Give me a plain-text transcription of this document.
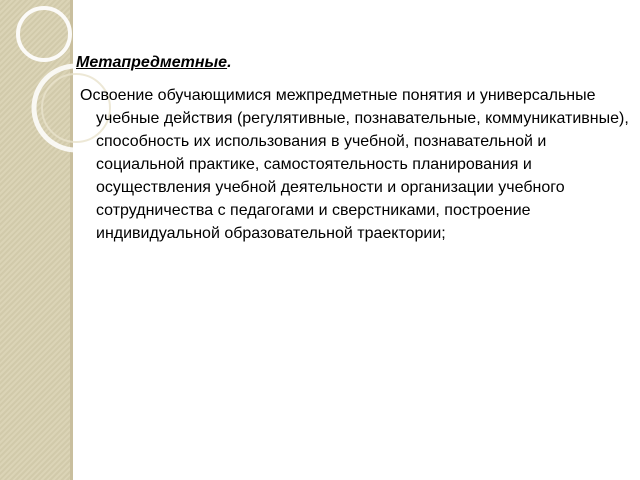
Метапредметные.

Освоение обучающимися межпредметные понятия и универсальные учебные действия (регулятивные, познавательные, коммуникативные), способность их использования в учебной, познавательной и социальной практике, самостоятельность планирования и осуществления учебной деятельности и организации учебного сотрудничества с педагогами и сверстниками, построение индивидуальной образовательной траектории;
